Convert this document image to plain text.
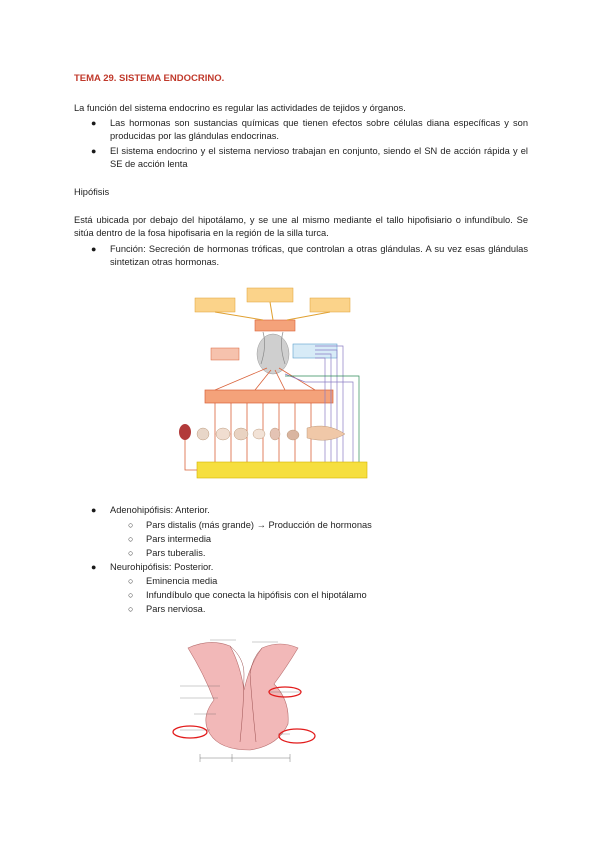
TEMA 29. SISTEMA ENDOCRINO.
La función del sistema endocrino es regular las actividades de tejidos y órganos.
● Las hormonas son sustancias químicas que tienen efectos sobre células diana específicas y son producidas por las glándulas endocrinas.
● El sistema endocrino y el sistema nervioso trabajan en conjunto, siendo el SN de acción rápida y el SE de acción lenta
Hipófisis
Está ubicada por debajo del hipotálamo, y se une al mismo mediante el tallo hipofisiario o infundíbulo. Se sitúa dentro de la fosa hipofisaria en la región de la silla turca.
● Función: Secreción de hormonas tróficas, que controlan a otras glándulas. A su vez esas glándulas sintetizan otras hormonas.
● Adenohipófisis: Anterior.
○ Pars distalis (más grande) → Producción de hormonas
○ Pars intermedia
○ Pars tuberalis.
● Neurohipófisis: Posterior.
○ Eminencia media
○ Infundíbulo que conecta la hipófisis con el hipotálamo
○ Pars nerviosa.
